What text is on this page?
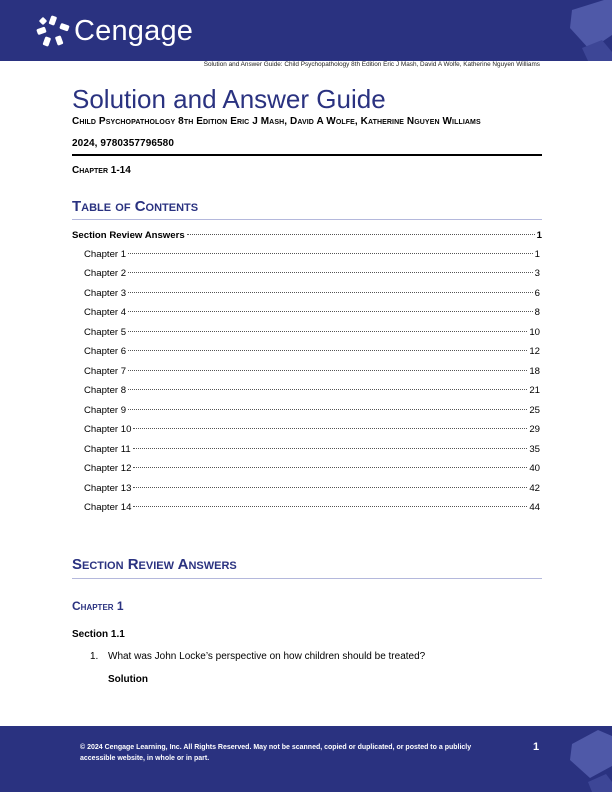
Cengage
Solution and Answer Guide: Child Psychopathology 8th Edition Eric J Mash, David A Wolfe, Katherine Nguyen Williams
Solution and Answer Guide
Child Psychopathology 8th Edition Eric J Mash, David A Wolfe, Katherine Nguyen Williams
2024, 9780357796580
Chapter 1-14
Table of Contents
Section Review Answers	1
Chapter 1	1
Chapter 2	3
Chapter 3	6
Chapter 4	8
Chapter 5	10
Chapter 6	12
Chapter 7	18
Chapter 8	21
Chapter 9	25
Chapter 10	29
Chapter 11	35
Chapter 12	40
Chapter 13	42
Chapter 14	44
Section Review Answers
Chapter 1
Section 1.1
1. What was John Locke’s perspective on how children should be treated?
Solution
© 2024 Cengage Learning, Inc. All Rights Reserved. May not be scanned, copied or duplicated, or posted to a publicly accessible website, in whole or in part.
1
